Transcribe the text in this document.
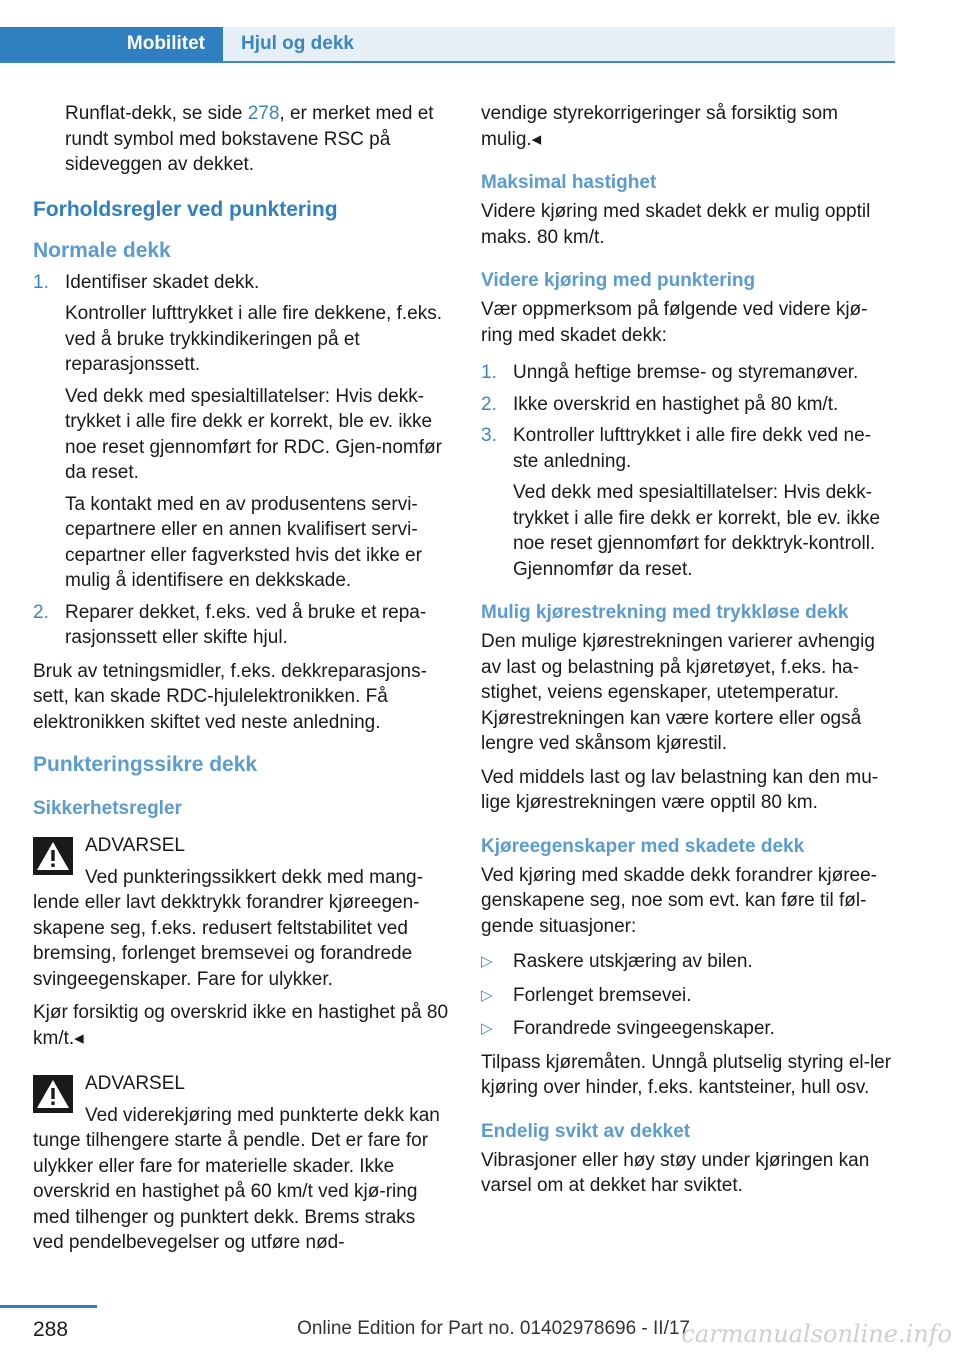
Mobilitet	Hjul og dekk

Runflat-dekk, se side 278, er merket med et rundt symbol med bokstavene RSC på sideveggen av dekket.

Forholdsregler ved punktering
Normale dekk
1. Identifiser skadet dekk.

Kontroller lufttrykket i alle fire dekkene, f.eks. ved å bruke trykkindikeringen på et reparasjonssett.

Ved dekk med spesialtillatelser: Hvis dekk-trykket i alle fire dekk er korrekt, ble ev. ikke noe reset gjennomført for RDC. Gjen-nomfør da reset.

Ta kontakt med en av produsentens servi-cepartnere eller en annen kvalifisert servi-cepartner eller fagverksted hvis det ikke er mulig å identifisere en dekkskade.

2. Reparer dekket, f.eks. ved å bruke et repa-rasjonssett eller skifte hjul.

Bruk av tetningsmidler, f.eks. dekkreparasjons-sett, kan skade RDC-hjulelektronikken. Få elektronikken skiftet ved neste anledning.

Punkteringssikre dekk
Sikkerhetsregler

ADVARSEL

Ved punkteringssikkert dekk med mang-lende eller lavt dekktrykk forandrer kjøreegen-skapene seg, f.eks. redusert feltstabilitet ved bremsing, forlenget bremsevei og forandrede svingeegenskaper. Fare for ulykker.

Kjør forsiktig og overskrid ikke en hastighet på 80 km/t.◂

ADVARSEL

Ved viderekjøring med punkterte dekk kan tunge tilhengere starte å pendle. Det er fare for ulykker eller fare for materielle skader. Ikke overskrid en hastighet på 60 km/t ved kjø-ring med tilhenger og punktert dekk. Brems straks ved pendelbevegelser og utføre nød-

vendige styrekorrigeringer så forsiktig som mulig.◂

Maksimal hastighet

Videre kjøring med skadet dekk er mulig opptil maks. 80 km/t.

Videre kjøring med punktering

Vær oppmerksom på følgende ved videre kjø-ring med skadet dekk:

1. Unngå heftige bremse- og styremanøver.

2. Ikke overskrid en hastighet på 80 km/t.

3. Kontroller lufttrykket i alle fire dekk ved ne-ste anledning.

Ved dekk med spesialtillatelser: Hvis dekk-trykket i alle fire dekk er korrekt, ble ev. ikke noe reset gjennomført for dekktryk-kontroll. Gjennomfør da reset.

Mulig kjørestrekning med trykkløse dekk

Den mulige kjørestrekningen varierer avhengig av last og belastning på kjøretøyet, f.eks. ha-stighet, veiens egenskaper, utetemperatur. Kjørestrekningen kan være kortere eller også lengre ved skånsom kjørestil.

Ved middels last og lav belastning kan den mu-lige kjørestrekningen være opptil 80 km.

Kjøreegenskaper med skadete dekk

Ved kjøring med skadde dekk forandrer kjøree-genskapene seg, noe som evt. kan føre til føl-gende situasjoner:

▷ Raskere utskjæring av bilen.

▷ Forlenget bremsevei.

▷ Forandrede svingeegenskaper.

Tilpass kjøremåten. Unngå plutselig styring el-ler kjøring over hinder, f.eks. kantsteiner, hull osv.

Endelig svikt av dekket

Vibrasjoner eller høy støy under kjøringen kan varsel om at dekket har sviktet.

288	Online Edition for Part no. 01402978696 - II/17
carmanualsonline.info
